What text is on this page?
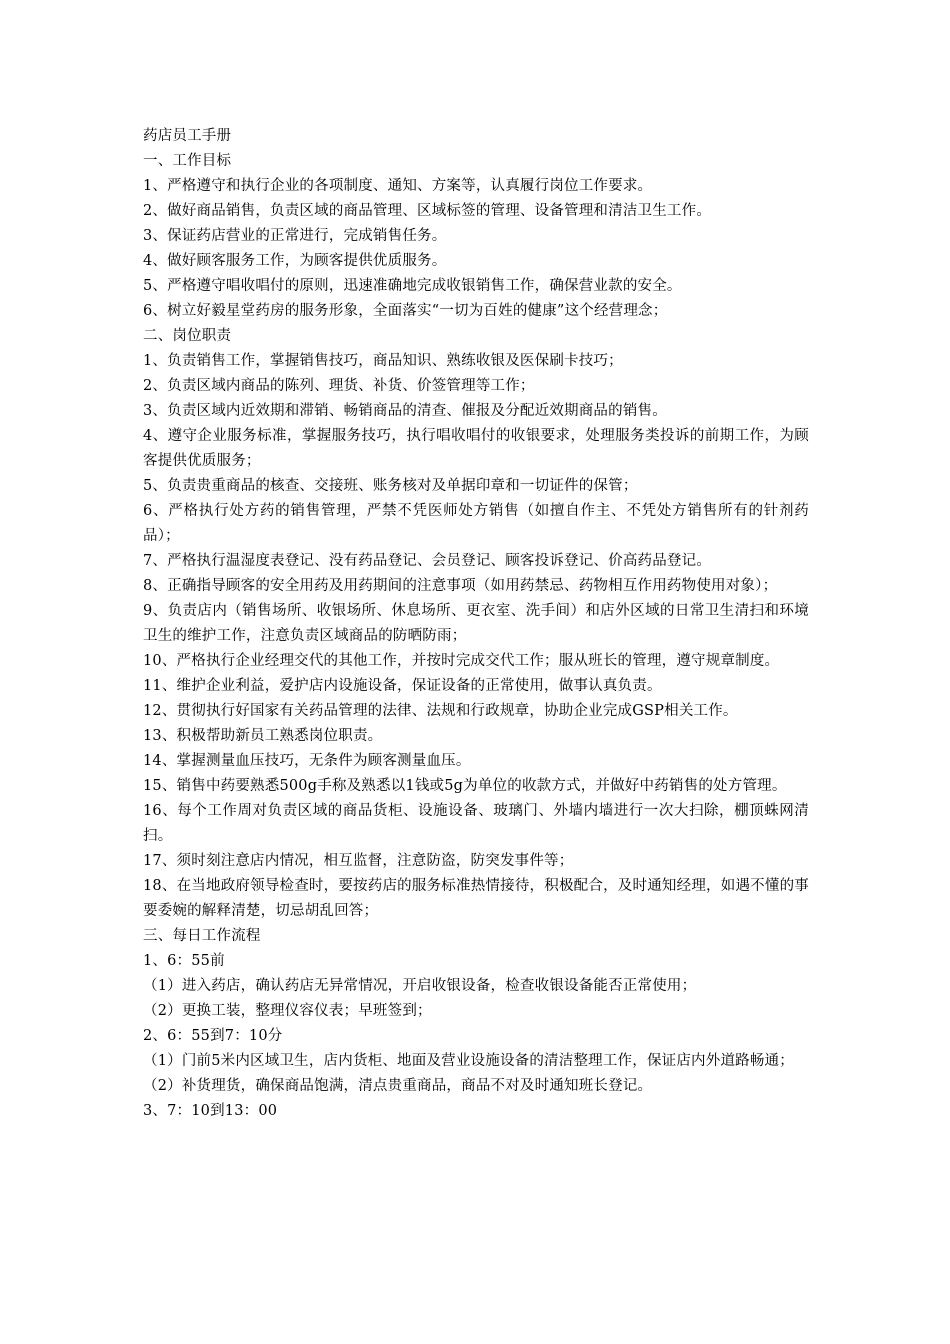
药店员工手册

一、工作目标

1、严格遵守和执行企业的各项制度、通知、方案等，认真履行岗位工作要求。

2、做好商品销售，负责区域的商品管理、区域标签的管理、设备管理和清洁卫生工作。

3、保证药店营业的正常进行，完成销售任务。

4、做好顾客服务工作，为顾客提供优质服务。

5、严格遵守唱收唱付的原则，迅速准确地完成收银销售工作，确保营业款的安全。

6、树立好毅星堂药房的服务形象，全面落实“一切为百姓的健康”这个经营理念；

二、岗位职责

1、负责销售工作，掌握销售技巧，商品知识、熟练收银及医保刷卡技巧；

2、负责区域内商品的陈列、理货、补货、价签管理等工作；

3、负责区域内近效期和滞销、畅销商品的清查、催报及分配近效期商品的销售。

4、遵守企业服务标准，掌握服务技巧，执行唱收唱付的收银要求，处理服务类投诉的前期工作，为顾客提供优质服务；

5、负责贵重商品的核查、交接班、账务核对及单据印章和一切证件的保管；

6、严格执行处方药的销售管理，严禁不凭医师处方销售（如擅自作主、不凭处方销售所有的针剂药品）；

7、严格执行温湿度表登记、没有药品登记、会员登记、顾客投诉登记、价高药品登记。

8、正确指导顾客的安全用药及用药期间的注意事项（如用药禁忌、药物相互作用药物使用对象）；

9、负责店内（销售场所、收银场所、休息场所、更衣室、洗手间）和店外区域的日常卫生清扫和环境卫生的维护工作，注意负责区域商品的防晒防雨；

10、严格执行企业经理交代的其他工作，并按时完成交代工作；服从班长的管理，遵守规章制度。

11、维护企业利益，爱护店内设施设备，保证设备的正常使用，做事认真负责。

12、贯彻执行好国家有关药品管理的法律、法规和行政规章，协助企业完成GSP相关工作。

13、积极帮助新员工熟悉岗位职责。

14、掌握测量血压技巧，无条件为顾客测量血压。

15、销售中药要熟悉500g手称及熟悉以1钱或5g为单位的收款方式，并做好中药销售的处方管理。

16、每个工作周对负责区域的商品货柜、设施设备、玻璃门、外墙内墙进行一次大扫除，棚顶蛛网清扫。

17、须时刻注意店内情况，相互监督，注意防盗，防突发事件等；

18、在当地政府领导检查时，要按药店的服务标准热情接待，积极配合，及时通知经理，如遇不懂的事要委婉的解释清楚，切忌胡乱回答；

三、每日工作流程

1、6：55前

（1）进入药店，确认药店无异常情况，开启收银设备，检查收银设备能否正常使用；

（2）更换工装，整理仪容仪表；早班签到；

2、6：55到7：10分

（1）门前5米内区域卫生，店内货柜、地面及营业设施设备的清洁整理工作，保证店内外道路畅通；

（2）补货理货，确保商品饱满，清点贵重商品，商品不对及时通知班长登记。

3、7：10到13：00
